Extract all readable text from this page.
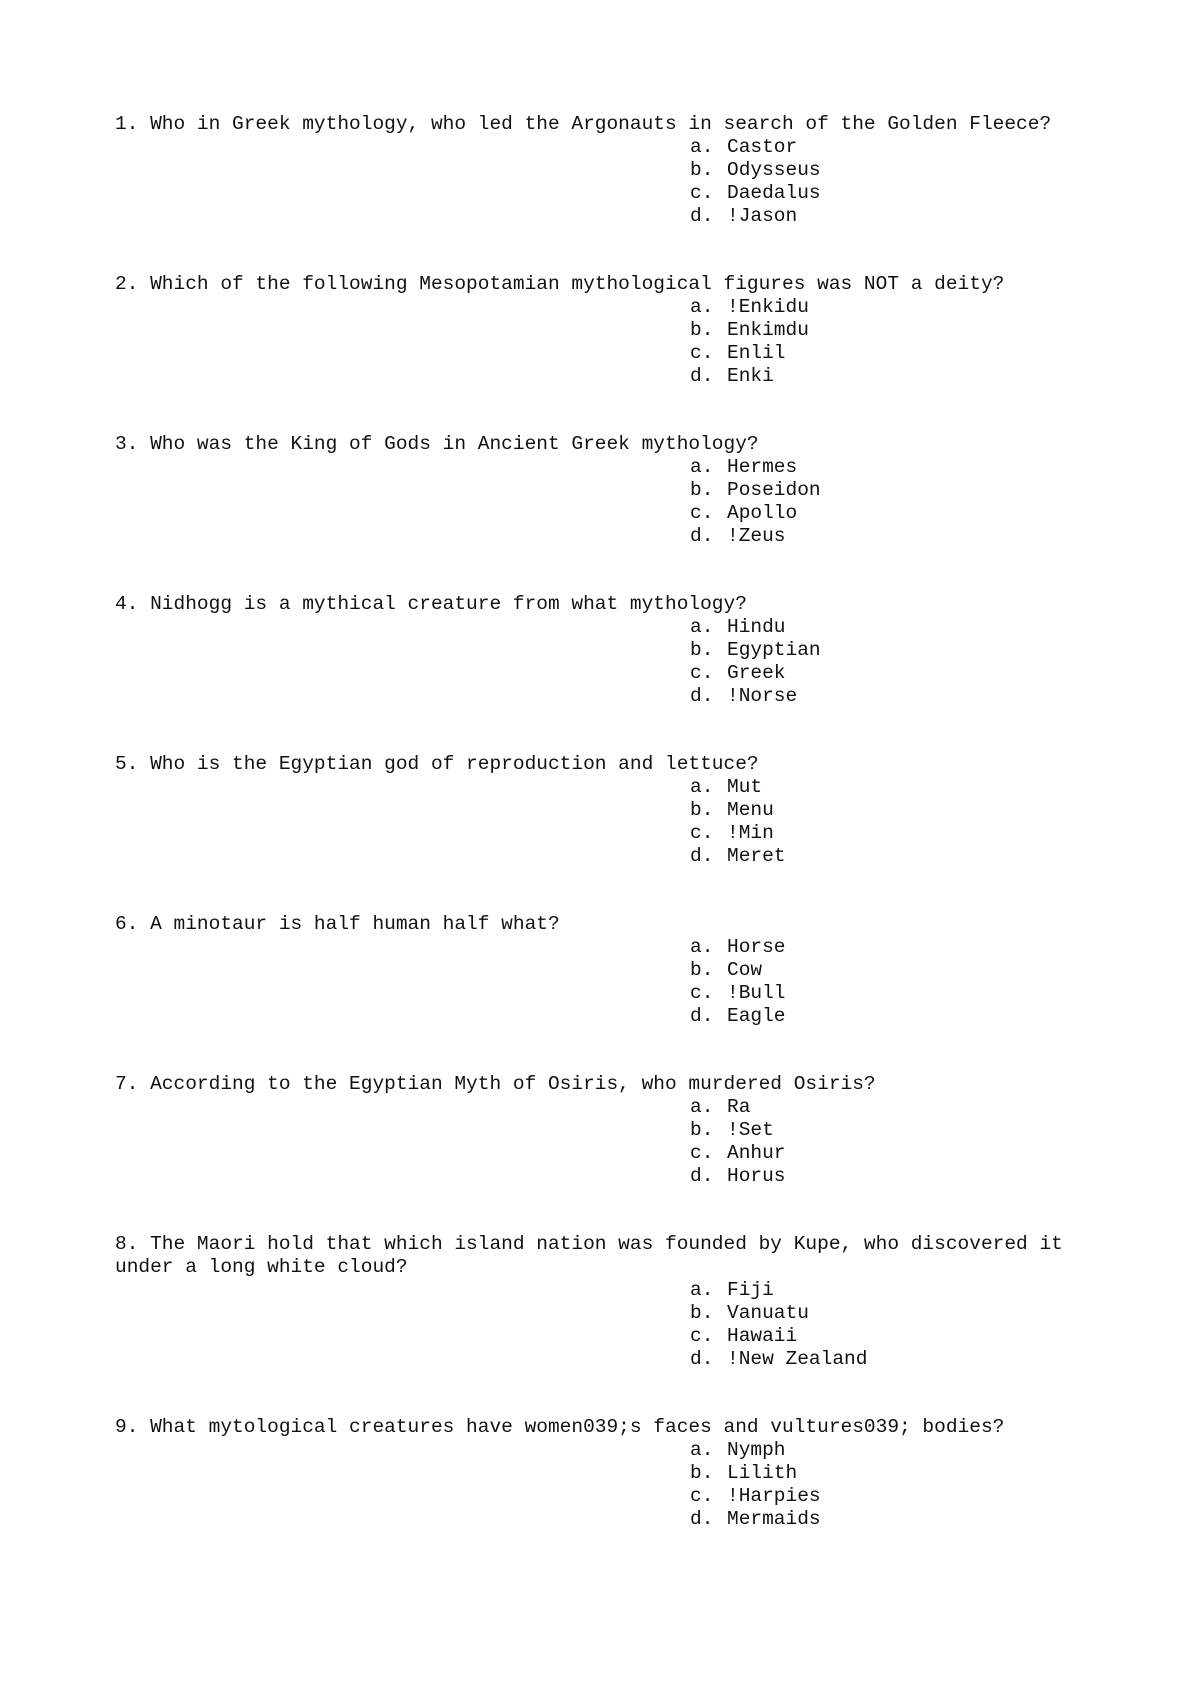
1. Who in Greek mythology, who led the Argonauts in search of the Golden Fleece?

a. Castor
b. Odysseus
c. Daedalus
d. !Jason

2. Which of the following Mesopotamian mythological figures was NOT a deity?

a. !Enkidu
b. Enkimdu
c. Enlil
d. Enki

3. Who was the King of Gods in Ancient Greek mythology?

a. Hermes
b. Poseidon
c. Apollo
d. !Zeus

4. Nidhogg is a mythical creature from what mythology?

a. Hindu
b. Egyptian
c. Greek
d. !Norse

5. Who is the Egyptian god of reproduction and lettuce?

a. Mut
b. Menu
c. !Min
d. Meret

6. A minotaur is half human half what?

a. Horse
b. Cow
c. !Bull
d. Eagle

7. According to the Egyptian Myth of Osiris, who murdered Osiris?

a. Ra
b. !Set
c. Anhur
d. Horus

8. The Maori hold that which island nation was founded by Kupe, who discovered it under a long white cloud?

a. Fiji
b. Vanuatu
c. Hawaii
d. !New Zealand

9. What mytological creatures have women039;s faces and vultures039; bodies?

a. Nymph
b. Lilith
c. !Harpies
d. Mermaids
